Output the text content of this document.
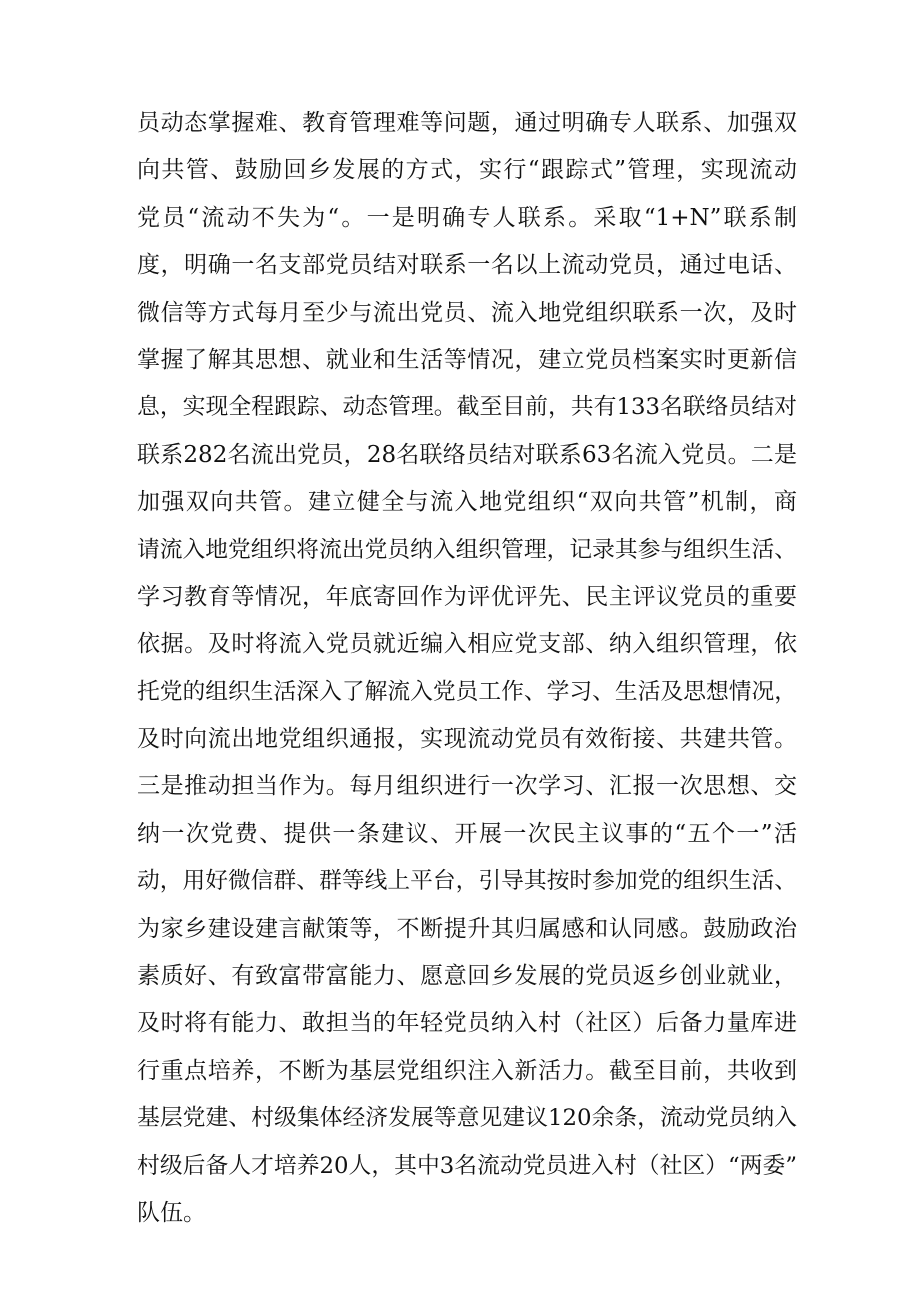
员动态掌握难、教育管理难等问题，通过明确专人联系、加强双
向共管、鼓励回乡发展的方式，实行“跟踪式”管理，实现流动
党员“流动不失为“。一是明确专人联系。采取“1+N”联系制
度，明确一名支部党员结对联系一名以上流动党员，通过电话、
微信等方式每月至少与流出党员、流入地党组织联系一次，及时
掌握了解其思想、就业和生活等情况，建立党员档案实时更新信
息，实现全程跟踪、动态管理。截至目前，共有133名联络员结对
联系282名流出党员，28名联络员结对联系63名流入党员。二是
加强双向共管。建立健全与流入地党组织“双向共管”机制，商
请流入地党组织将流出党员纳入组织管理，记录其参与组织生活、
学习教育等情况，年底寄回作为评优评先、民主评议党员的重要
依据。及时将流入党员就近编入相应党支部、纳入组织管理，依
托党的组织生活深入了解流入党员工作、学习、生活及思想情况，
及时向流出地党组织通报，实现流动党员有效衔接、共建共管。
三是推动担当作为。每月组织进行一次学习、汇报一次思想、交
纳一次党费、提供一条建议、开展一次民主议事的“五个一”活
动，用好微信群、群等线上平台，引导其按时参加党的组织生活、
为家乡建设建言献策等，不断提升其归属感和认同感。鼓励政治
素质好、有致富带富能力、愿意回乡发展的党员返乡创业就业，
及时将有能力、敢担当的年轻党员纳入村（社区）后备力量库进
行重点培养，不断为基层党组织注入新活力。截至目前，共收到
基层党建、村级集体经济发展等意见建议120余条，流动党员纳入
村级后备人才培养20人，其中3名流动党员进入村（社区）“两委”
队伍。
